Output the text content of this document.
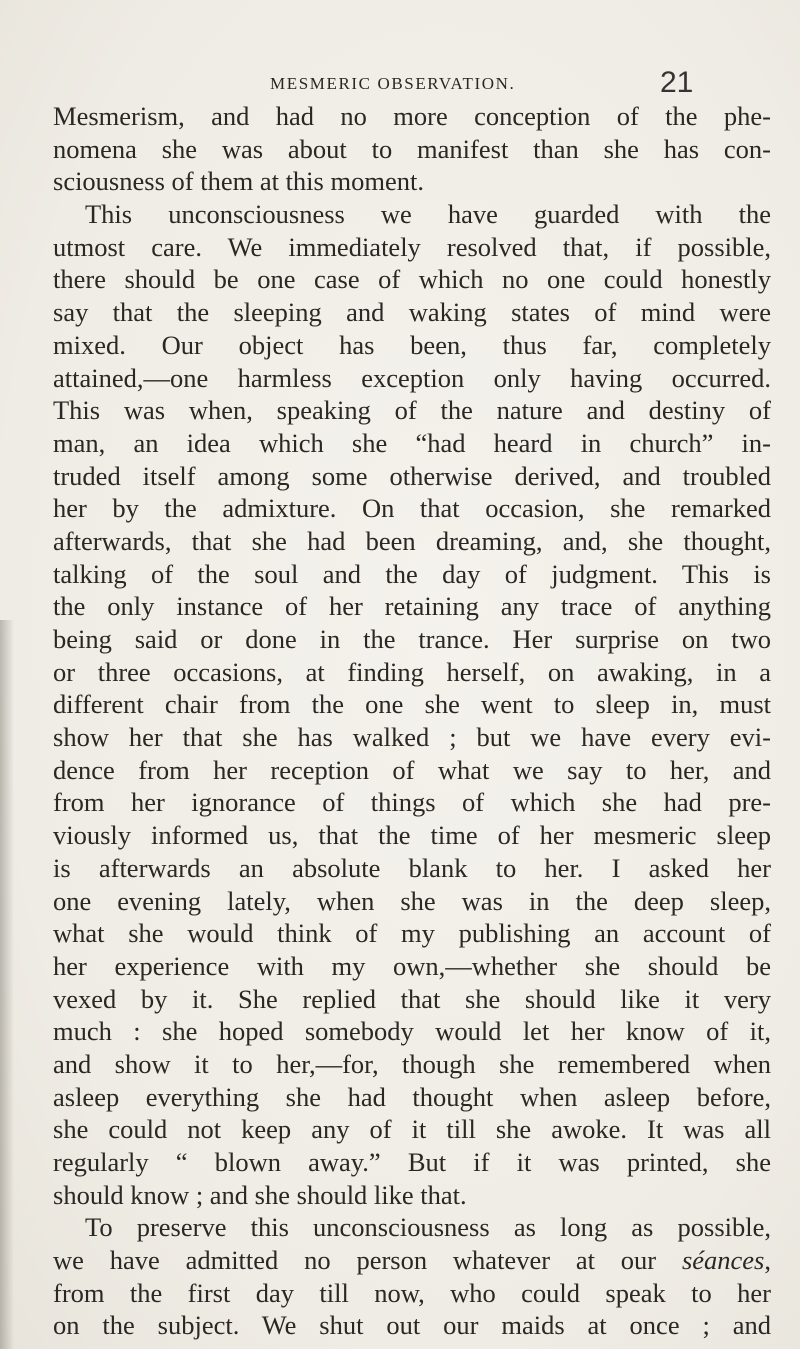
MESMERIC OBSERVATION.	21
Mesmerism, and had no more conception of the phe-
nomena she was about to manifest than she has con-
sciousness of them at this moment.
This unconsciousness we have guarded with the
utmost care. We immediately resolved that, if possible,
there should be one case of which no one could honestly
say that the sleeping and waking states of mind were
mixed. Our object has been, thus far, completely
attained,—one harmless exception only having occurred.
This was when, speaking of the nature and destiny of
man, an idea which she “had heard in church” in-
truded itself among some otherwise derived, and troubled
her by the admixture. On that occasion, she remarked
afterwards, that she had been dreaming, and, she thought,
talking of the soul and the day of judgment. This is
the only instance of her retaining any trace of anything
being said or done in the trance. Her surprise on two
or three occasions, at finding herself, on awaking, in a
different chair from the one she went to sleep in, must
show her that she has walked ; but we have every evi-
dence from her reception of what we say to her, and
from her ignorance of things of which she had pre-
viously informed us, that the time of her mesmeric sleep
is afterwards an absolute blank to her. I asked her
one evening lately, when she was in the deep sleep,
what she would think of my publishing an account of
her experience with my own,—whether she should be
vexed by it. She replied that she should like it very
much : she hoped somebody would let her know of it,
and show it to her,—for, though she remembered when
asleep everything she had thought when asleep before,
she could not keep any of it till she awoke. It was all
regularly “ blown away.” But if it was printed, she
should know ; and she should like that.
To preserve this unconsciousness as long as possible,
we have admitted no person whatever at our séances,
from the first day till now, who could speak to her
on the subject. We shut out our maids at once ; and
